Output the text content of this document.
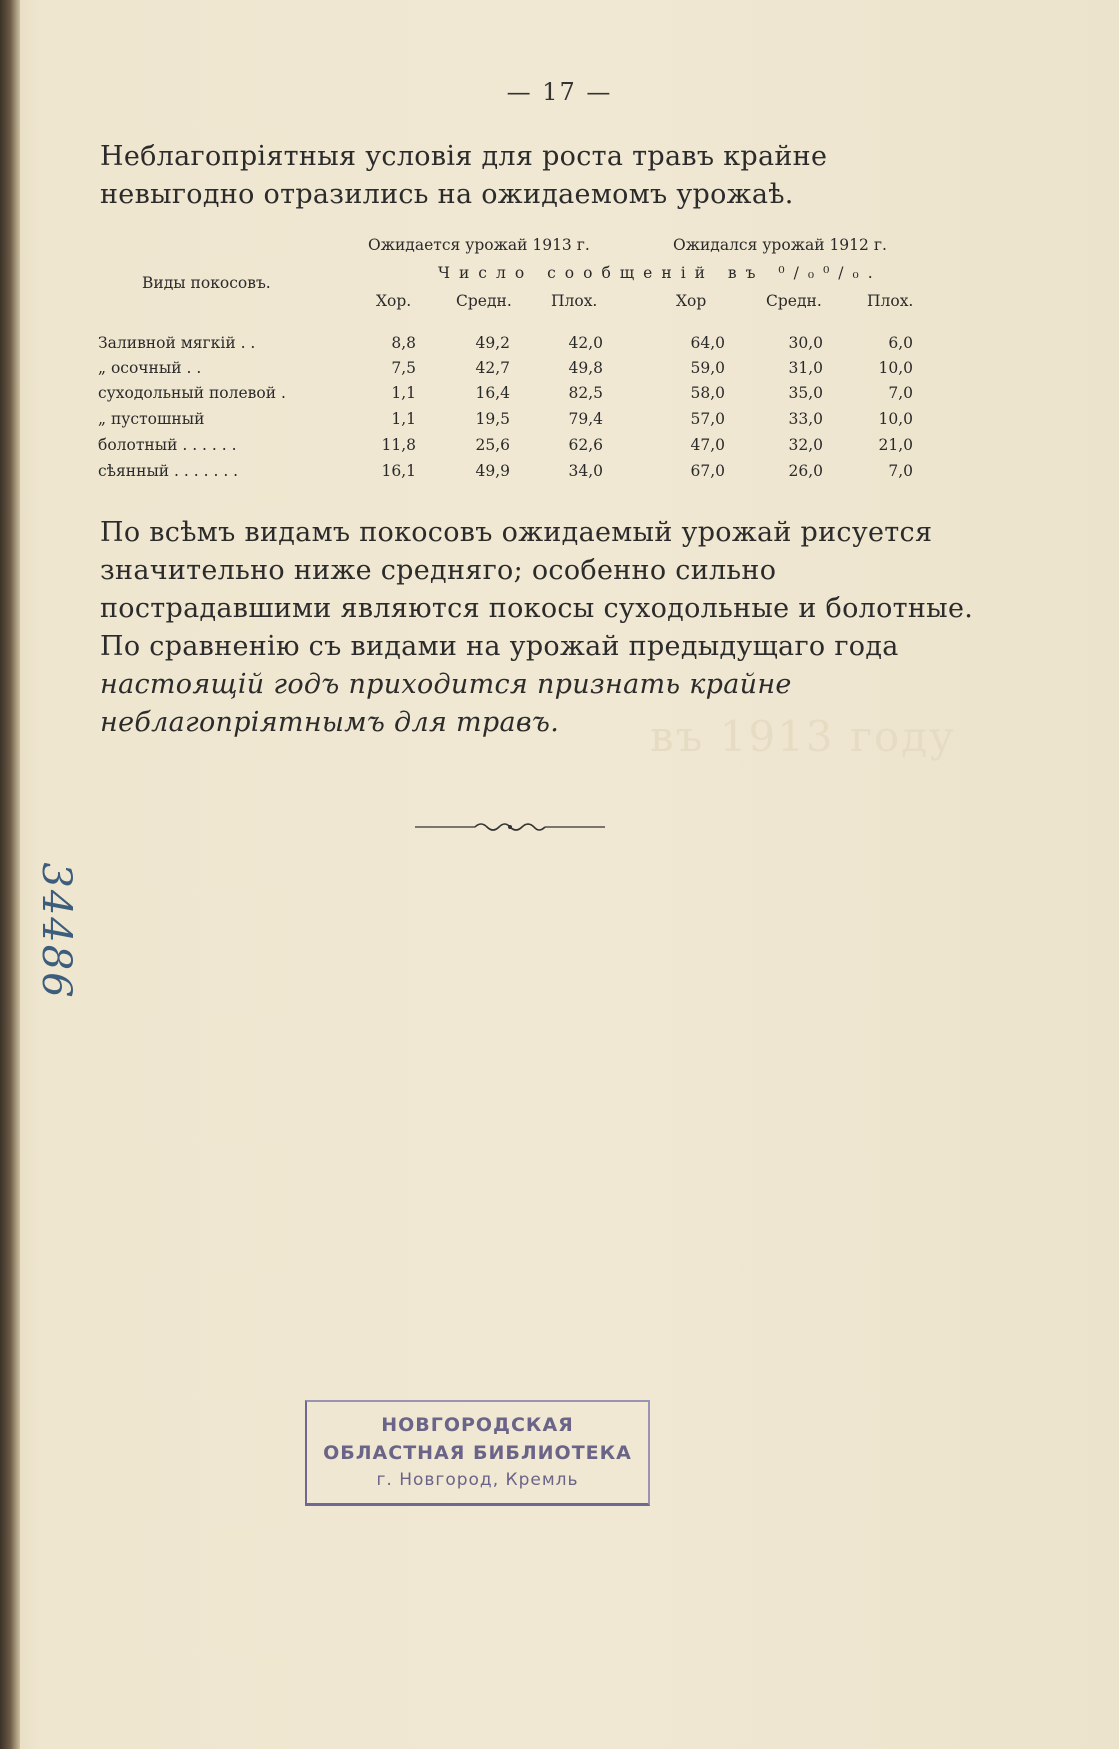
въ 1913 году
— 17 —

Неблагопріятныя условія для роста травъ крайне невыгодно отразились на ожидаемомъ урожаѣ.

Ожидается урожай 1913 г.	Ожидался урожай 1912 г.
Виды покосовъ.
Число сообщеній въ ⁰/₀⁰/₀.
Хор.	Средн.	Плох.	Хор	Средн.	Плох.
Заливной мягкій . .	8,8	49,2	42,0	64,0	30,0	6,0
„ осочный . .	7,5	42,7	49,8	59,0	31,0	10,0
суходольный полевой .	1,1	16,4	82,5	58,0	35,0	7,0
„ пустошный	1,1	19,5	79,4	57,0	33,0	10,0
болотный . . . . . .	11,8	25,6	62,6	47,0	32,0	21,0
сѣянный . . . . . . .	16,1	49,9	34,0	67,0	26,0	7,0

По всѣмъ видамъ покосовъ ожидаемый урожай рисуется значительно ниже средняго; особенно сильно пострадавшими являются покосы суходольные и болотные. По сравненію съ видами на урожай предыдущаго года настоящій годъ приходится признать крайне неблагопріятнымъ для травъ.

34486
НОВГОРОДСКАЯ
ОБЛАСТНАЯ БИБЛИОТЕКА
г. Новгород, Кремль
